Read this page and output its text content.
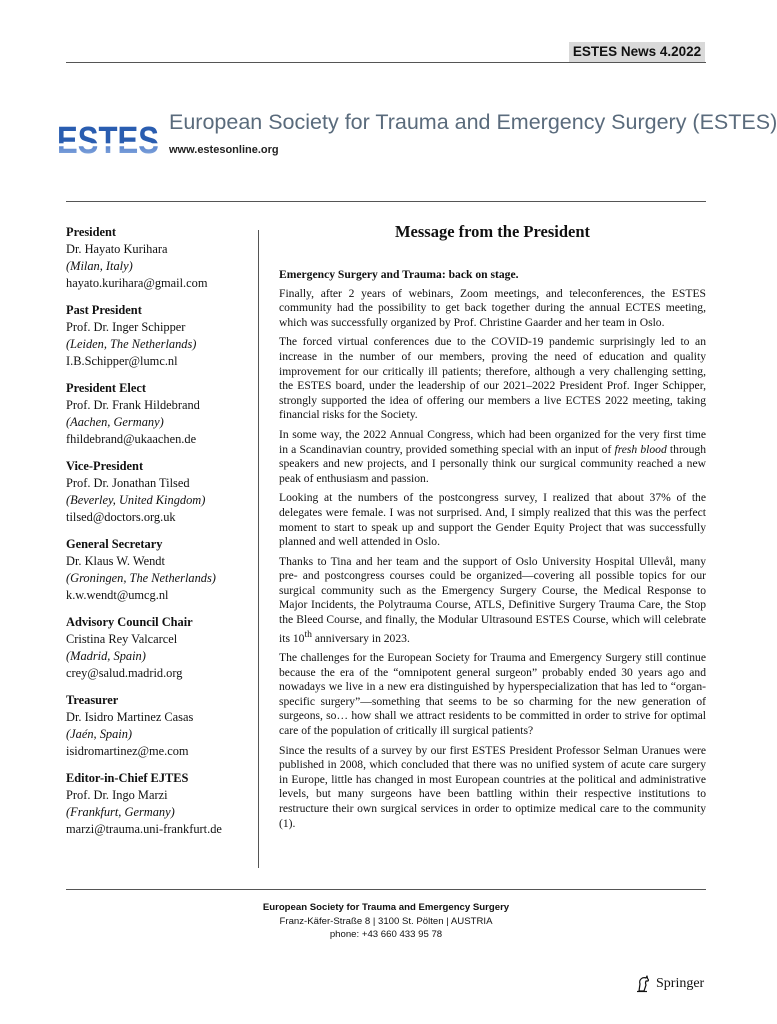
ESTES News 4.2022
ESTES European Society for Trauma and Emergency Surgery (ESTES)
www.estesonline.org
President
Dr. Hayato Kurihara
(Milan, Italy)
hayato.kurihara@gmail.com
Past President
Prof. Dr. Inger Schipper
(Leiden, The Netherlands)
I.B.Schipper@lumc.nl
President Elect
Prof. Dr. Frank Hildebrand
(Aachen, Germany)
fhildebrand@ukaachen.de
Vice-President
Prof. Dr. Jonathan Tilsed
(Beverley, United Kingdom)
tilsed@doctors.org.uk
General Secretary
Dr. Klaus W. Wendt
(Groningen, The Netherlands)
k.w.wendt@umcg.nl
Advisory Council Chair
Cristina Rey Valcarcel
(Madrid, Spain)
crey@salud.madrid.org
Treasurer
Dr. Isidro Martinez Casas
(Jaén, Spain)
isidromartinez@me.com
Editor-in-Chief EJTES
Prof. Dr. Ingo Marzi
(Frankfurt, Germany)
marzi@trauma.uni-frankfurt.de
Message from the President

Emergency Surgery and Trauma: back on stage.

Finally, after 2 years of webinars, Zoom meetings, and teleconferences, the ESTES community had the possibility to get back together during the annual ECTES meeting, which was successfully organized by Prof. Christine Gaarder and her team in Oslo.

The forced virtual conferences due to the COVID-19 pandemic surprisingly led to an increase in the number of our members, proving the need of education and quality improvement for our critically ill patients; therefore, although a very challenging setting, the ESTES board, under the leadership of our 2021–2022 President Prof. Inger Schipper, strongly supported the idea of offering our members a live ECTES 2022 meeting, taking financial risks for the Society.

In some way, the 2022 Annual Congress, which had been organized for the very first time in a Scandinavian country, provided something special with an input of fresh blood through speakers and new projects, and I personally think our surgical community reached a new peak of enthusiasm and passion.

Looking at the numbers of the postcongress survey, I realized that about 37% of the delegates were female. I was not surprised. And, I simply realized that this was the perfect moment to start to speak up and support the Gender Equity Project that was successfully planned and well attended in Oslo.

Thanks to Tina and her team and the support of Oslo University Hospital Ullevål, many pre- and postcongress courses could be organized—covering all possible topics for our surgical community such as the Emergency Surgery Course, the Medical Response to Major Incidents, the Polytrauma Course, ATLS, Definitive Surgery Trauma Care, the Stop the Bleed Course, and finally, the Modular Ultrasound ESTES Course, which will celebrate its 10th anniversary in 2023.

The challenges for the European Society for Trauma and Emergency Surgery still continue because the era of the “omnipotent general surgeon” probably ended 30 years ago and nowadays we live in a new era distinguished by hyperspecialization that has led to “organ-specific surgery”—something that seems to be so charming for the new generation of surgeons, so… how shall we attract residents to be committed in order to strive for optimal care of the population of critically ill surgical patients?

Since the results of a survey by our first ESTES President Professor Selman Uranues were published in 2008, which concluded that there was no unified system of acute care surgery in Europe, little has changed in most European countries at the political and administrative levels, but many surgeons have been battling within their respective institutions to restructure their own surgical services in order to optimize medical care to the community (1).

European Society for Trauma and Emergency Surgery
Franz-Käfer-Straße 8 | 3100 St. Pölten | AUSTRIA
phone: +43 660 433 95 78
Springer
